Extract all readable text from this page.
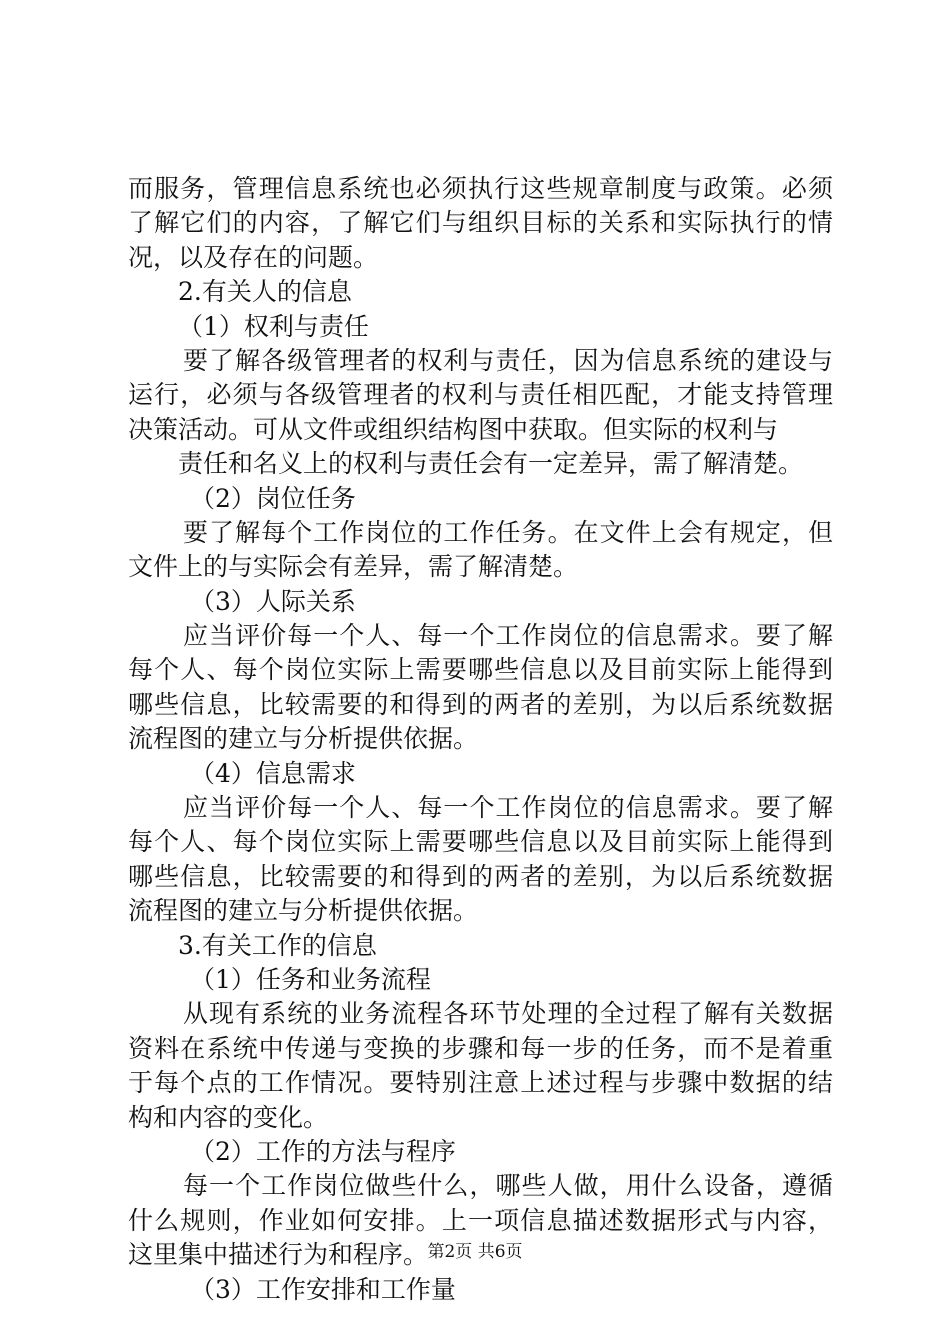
而服务，管理信息系统也必须执行这些规章制度与政策。必须
了解它们的内容，了解它们与组织目标的关系和实际执行的情
况，以及存在的问题。
2.有关人的信息
（1）权利与责任
要了解各级管理者的权利与责任，因为信息系统的建设与
运行，必须与各级管理者的权利与责任相匹配，才能支持管理
决策活动。可从文件或组织结构图中获取。但实际的权利与
责任和名义上的权利与责任会有一定差异，需了解清楚。
（2）岗位任务
要了解每个工作岗位的工作任务。在文件上会有规定，但
文件上的与实际会有差异，需了解清楚。
（3）人际关系
应当评价每一个人、每一个工作岗位的信息需求。要了解
每个人、每个岗位实际上需要哪些信息以及目前实际上能得到
哪些信息，比较需要的和得到的两者的差别，为以后系统数据
流程图的建立与分析提供依据。
（4）信息需求
应当评价每一个人、每一个工作岗位的信息需求。要了解
每个人、每个岗位实际上需要哪些信息以及目前实际上能得到
哪些信息，比较需要的和得到的两者的差别，为以后系统数据
流程图的建立与分析提供依据。
3.有关工作的信息
（1）任务和业务流程
从现有系统的业务流程各环节处理的全过程了解有关数据
资料在系统中传递与变换的步骤和每一步的任务，而不是着重
于每个点的工作情况。要特别注意上述过程与步骤中数据的结
构和内容的变化。
（2）工作的方法与程序
每一个工作岗位做些什么，哪些人做，用什么设备，遵循
什么规则，作业如何安排。上一项信息描述数据形式与内容，
这里集中描述行为和程序。
（3）工作安排和工作量
第2页 共6页
